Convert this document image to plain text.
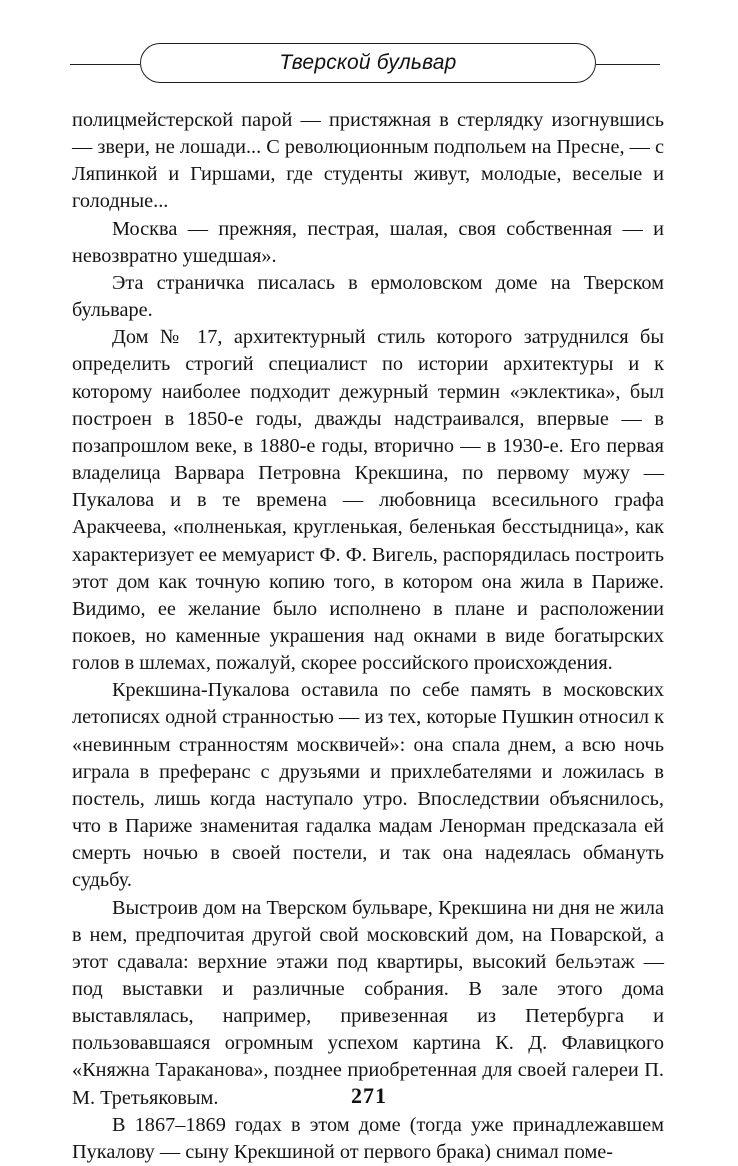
Тверской бульвар

полицмейстерской парой — пристяжная в стерлядку изогнувшись — звери, не лошади... С революционным подпольем на Пресне, — с Ляпинкой и Гиршами, где студенты живут, молодые, веселые и голодные...

Москва — прежняя, пестрая, шалая, своя собственная — и невозвратно ушедшая».

Эта страничка писалась в ермоловском доме на Тверском бульваре.

Дом № 17, архитектурный стиль которого затруднился бы определить строгий специалист по истории архитектуры и к которому наиболее подходит дежурный термин «эклектика», был построен в 1850-е годы, дважды надстраивался, впервые — в позапрошлом веке, в 1880-е годы, вторично — в 1930-е. Его первая владелица Варвара Петровна Крекшина, по первому мужу — Пукалова и в те времена — любовница всесильного графа Аракчеева, «полненькая, кругленькая, беленькая бесстыдница», как характеризует ее мемуарист Ф. Ф. Вигель, распорядилась построить этот дом как точную копию того, в котором она жила в Париже. Видимо, ее желание было исполнено в плане и расположении покоев, но каменные украшения над окнами в виде богатырских голов в шлемах, пожалуй, скорее российского происхождения.

Крекшина-Пукалова оставила по себе память в московских летописях одной странностью — из тех, которые Пушкин относил к «невинным странностям москвичей»: она спала днем, а всю ночь играла в преферанс с друзьями и прихлебателями и ложилась в постель, лишь когда наступало утро. Впоследствии объяснилось, что в Париже знаменитая гадалка мадам Ленорман предсказала ей смерть ночью в своей постели, и так она надеялась обмануть судьбу.

Выстроив дом на Тверском бульваре, Крекшина ни дня не жила в нем, предпочитая другой свой московский дом, на Поварской, а этот сдавала: верхние этажи под квартиры, высокий бельэтаж — под выставки и различные собрания. В зале этого дома выставлялась, например, привезенная из Петербурга и пользовавшаяся огромным успехом картина К. Д. Флавицкого «Княжна Тараканова», позднее приобретенная для своей галереи П. М. Третьяковым.

В 1867–1869 годах в этом доме (тогда уже принадлежавшем Пукалову — сыну Крекшиной от первого брака) снимал поме-

271
